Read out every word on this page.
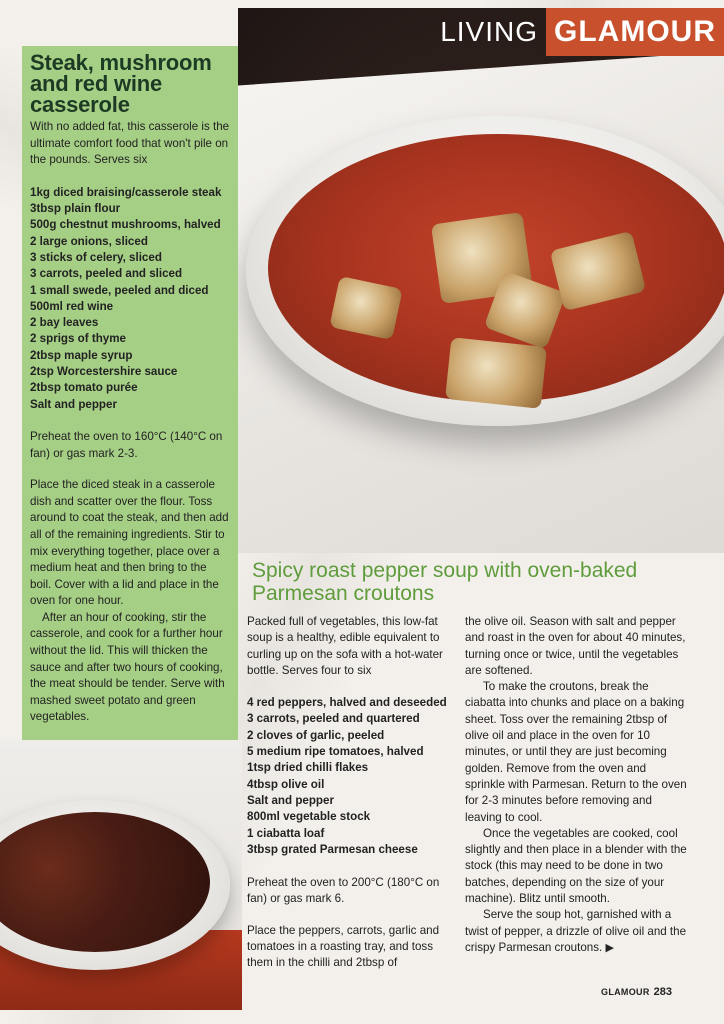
LIVING GLAMOUR
Steak, mushroom and red wine casserole

With no added fat, this casserole is the ultimate comfort food that won't pile on the pounds. Serves six

1kg diced braising/casserole steak
3tbsp plain flour
500g chestnut mushrooms, halved
2 large onions, sliced
3 sticks of celery, sliced
3 carrots, peeled and sliced
1 small swede, peeled and diced
500ml red wine
2 bay leaves
2 sprigs of thyme
2tbsp maple syrup
2tsp Worcestershire sauce
2tbsp tomato purée
Salt and pepper

Preheat the oven to 160°C (140°C on fan) or gas mark 2-3.

Place the diced steak in a casserole dish and scatter over the flour. Toss around to coat the steak, and then add all of the remaining ingredients. Stir to mix everything together, place over a medium heat and then bring to the boil. Cover with a lid and place in the oven for one hour.

After an hour of cooking, stir the casserole, and cook for a further hour without the lid. This will thicken the sauce and after two hours of cooking, the meat should be tender. Serve with mashed sweet potato and green vegetables.

Spicy roast pepper soup with oven-baked Parmesan croutons

Packed full of vegetables, this low-fat soup is a healthy, edible equivalent to curling up on the sofa with a hot-water bottle. Serves four to six

4 red peppers, halved and deseeded
3 carrots, peeled and quartered
2 cloves of garlic, peeled
5 medium ripe tomatoes, halved
1tsp dried chilli flakes
4tbsp olive oil
Salt and pepper
800ml vegetable stock
1 ciabatta loaf
3tbsp grated Parmesan cheese

Preheat the oven to 200°C (180°C on fan) or gas mark 6.

Place the peppers, carrots, garlic and tomatoes in a roasting tray, and toss them in the chilli and 2tbsp of

the olive oil. Season with salt and pepper and roast in the oven for about 40 minutes, turning once or twice, until the vegetables are softened.

To make the croutons, break the ciabatta into chunks and place on a baking sheet. Toss over the remaining 2tbsp of olive oil and place in the oven for 10 minutes, or until they are just becoming golden. Remove from the oven and sprinkle with Parmesan. Return to the oven for 2-3 minutes before removing and leaving to cool.

Once the vegetables are cooked, cool slightly and then place in a blender with the stock (this may need to be done in two batches, depending on the size of your machine). Blitz until smooth.

Serve the soup hot, garnished with a twist of pepper, a drizzle of olive oil and the crispy Parmesan croutons. ▶

GLAMOUR 283
